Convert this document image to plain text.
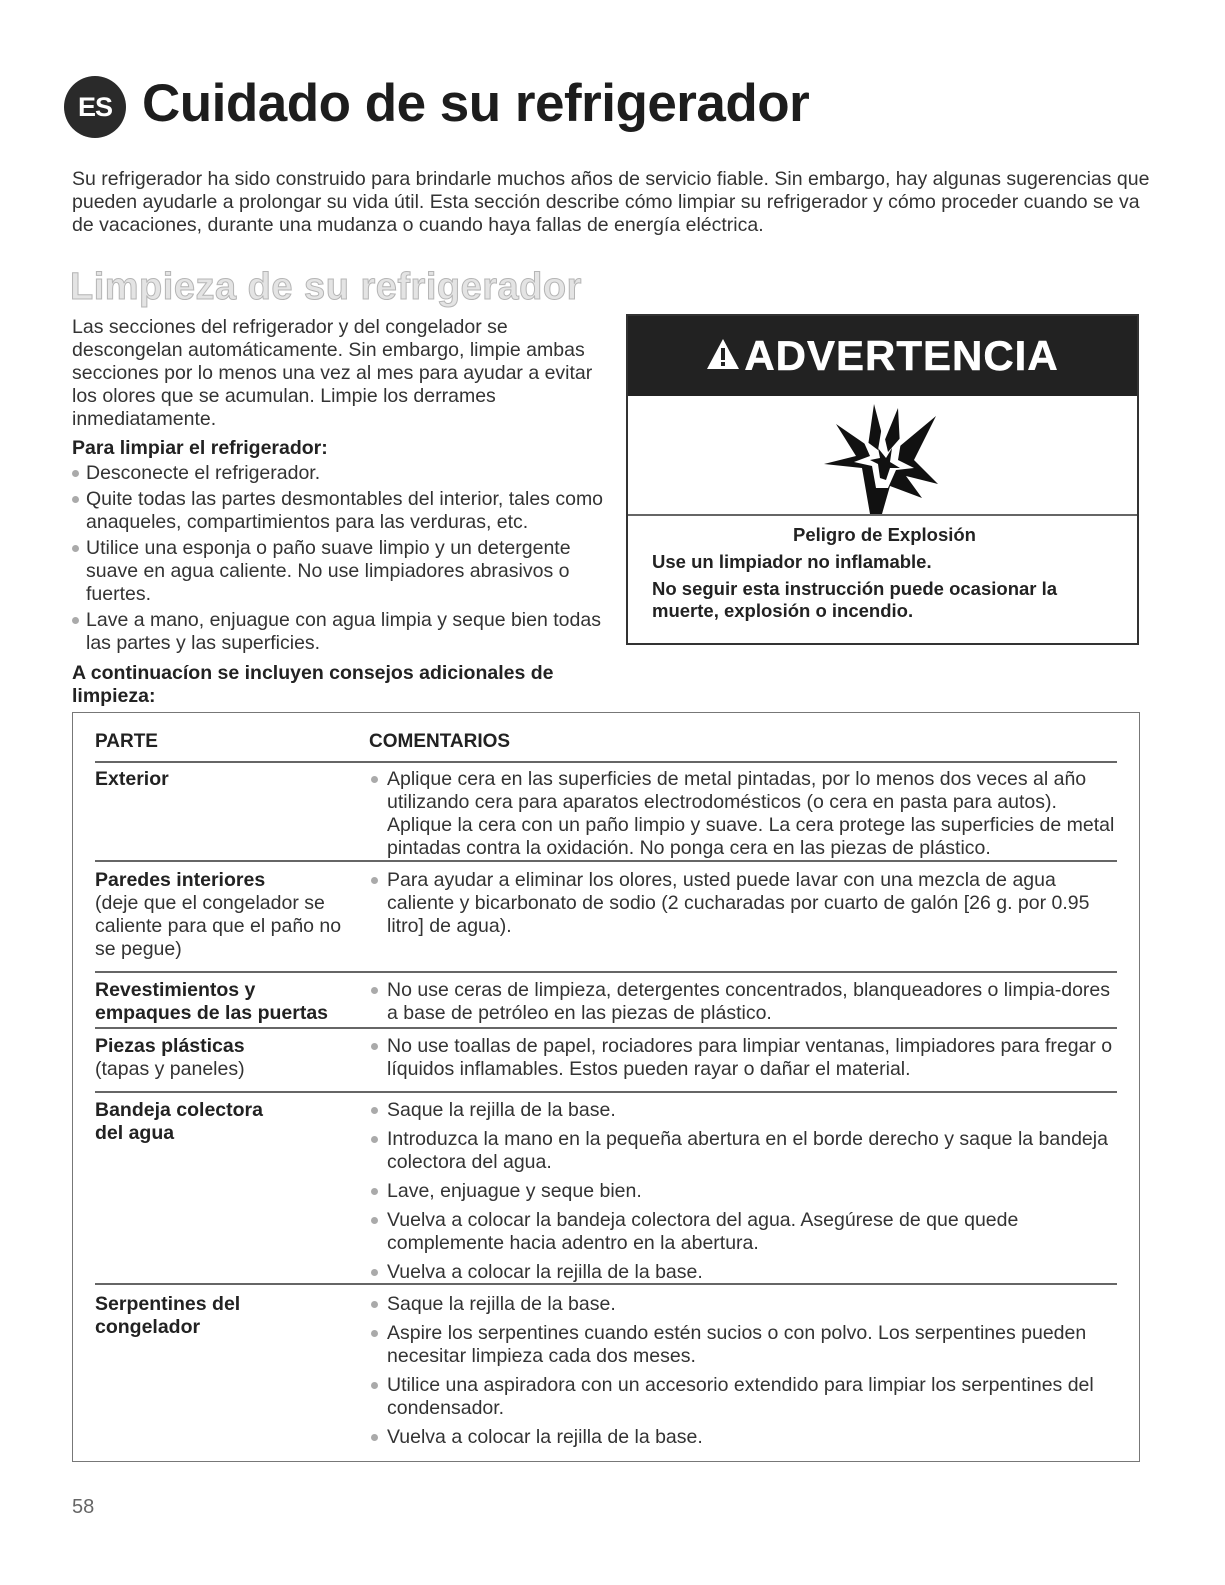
ES Cuidado de su refrigerador
Su refrigerador ha sido construido para brindarle muchos años de servicio fiable. Sin embargo, hay algunas sugerencias que pueden ayudarle a prolongar su vida útil. Esta sección describe cómo limpiar su refrigerador y cómo proceder cuando se va de vacaciones, durante una mudanza o cuando haya fallas de energía eléctrica.
Limpieza de su refrigerador

Las secciones del refrigerador y del congelador se descongelan automáticamente. Sin embargo, limpie ambas secciones por lo menos una vez al mes para ayudar a evitar los olores que se acumulan. Limpie los derrames inmediatamente.

Para limpiar el refrigerador:

Desconecte el refrigerador.
Quite todas las partes desmontables del interior, tales como anaqueles, compartimientos para las verduras, etc.
Utilice una esponja o paño suave limpio y un detergente suave en agua caliente. No use limpiadores abrasivos o fuertes.
Lave a mano, enjuague con agua limpia y seque bien todas las partes y las superficies.
ADVERTENCIA
Peligro de Explosión

Use un limpiador no inflamable.

No seguir esta instrucción puede ocasionar la muerte, explosión o incendio.

A continuacíon se incluyen consejos adicionales de limpieza:
PARTE	COMENTARIOS
Exterior	Aplique cera en las superficies de metal pintadas, por lo menos dos veces al año utilizando cera para aparatos electrodomésticos (o cera en pasta para autos). Aplique la cera con un paño limpio y suave. La cera protege las superficies de metal pintadas contra la oxidación. No ponga cera en las piezas de plástico.
Paredes interiores
(deje que el congelador se caliente para que el paño no se pegue)
Para ayudar a eliminar los olores, usted puede lavar con una mezcla de agua caliente y bicarbonato de sodio (2 cucharadas por cuarto de galón [26 g. por 0.95 litro] de agua).
Revestimientos y empaques de las puertas
No use ceras de limpieza, detergentes concentrados, blanqueadores o limpia-dores a base de petróleo en las piezas de plástico.
Piezas plásticas
(tapas y paneles)
No use toallas de papel, rociadores para limpiar ventanas, limpiadores para fregar o líquidos inflamables. Estos pueden rayar o dañar el material.
Bandeja colectora del agua
Saque la rejilla de la base.
Introduzca la mano en la pequeña abertura en el borde derecho y saque la bandeja colectora del agua.
Lave, enjuague y seque bien.
Vuelva a colocar la bandeja colectora del agua. Asegúrese de que quede complemente hacia adentro en la abertura.
Vuelva a colocar la rejilla de la base.
Serpentines del congelador
Saque la rejilla de la base.
Aspire los serpentines cuando estén sucios o con polvo. Los serpentines pueden necesitar limpieza cada dos meses.
Utilice una aspiradora con un accesorio extendido para limpiar los serpentines del condensador.
Vuelva a colocar la rejilla de la base.
58
